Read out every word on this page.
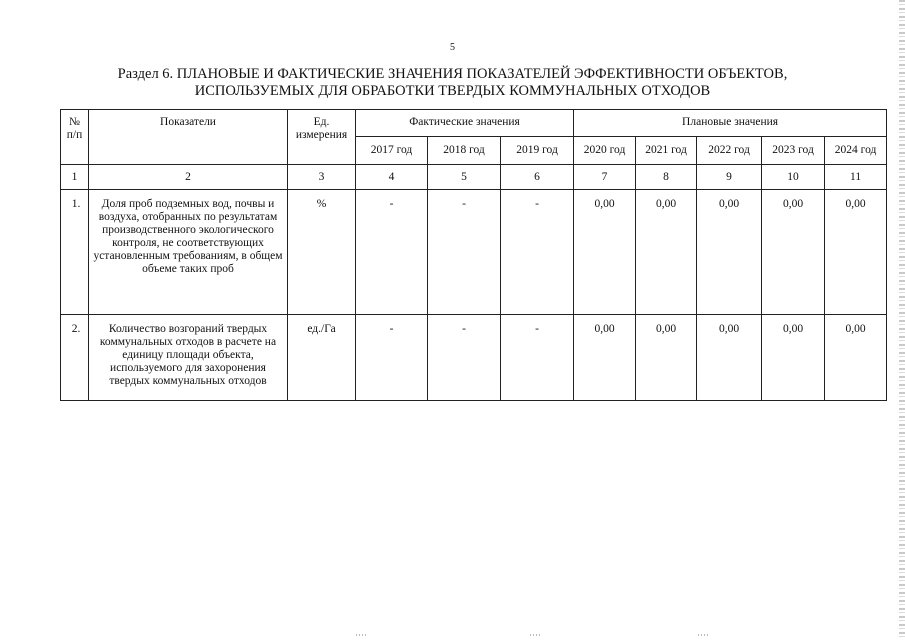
5
Раздел 6. ПЛАНОВЫЕ И ФАКТИЧЕСКИЕ ЗНАЧЕНИЯ ПОКАЗАТЕЛЕЙ ЭФФЕКТИВНОСТИ ОБЪЕКТОВ,
ИСПОЛЬЗУЕМЫХ ДЛЯ ОБРАБОТКИ ТВЕРДЫХ КОММУНАЛЬНЫХ ОТХОДОВ
№
п/п	Показатели	Ед.
измерения	Фактические значения			Плановые значения				
			2017 год	2018 год	2019 год	2020 год	2021 год	2022 год	2023 год	2024 год
1	2	3	4	5	6	7	8	9	10	11
1.	Доля проб подземных вод, почвы и воздуха, отобранных по результатам производственного экологического контроля, не соответствующих установленным требованиям, в общем объеме таких проб	%	-	-	-	0,00	0,00	0,00	0,00	0,00
2.	Количество возгораний твердых коммунальных отходов в расчете на единицу площади объекта, используемого для захоронения твердых коммунальных отходов	ед./Га	-	-	-	0,00	0,00	0,00	0,00	0,00
